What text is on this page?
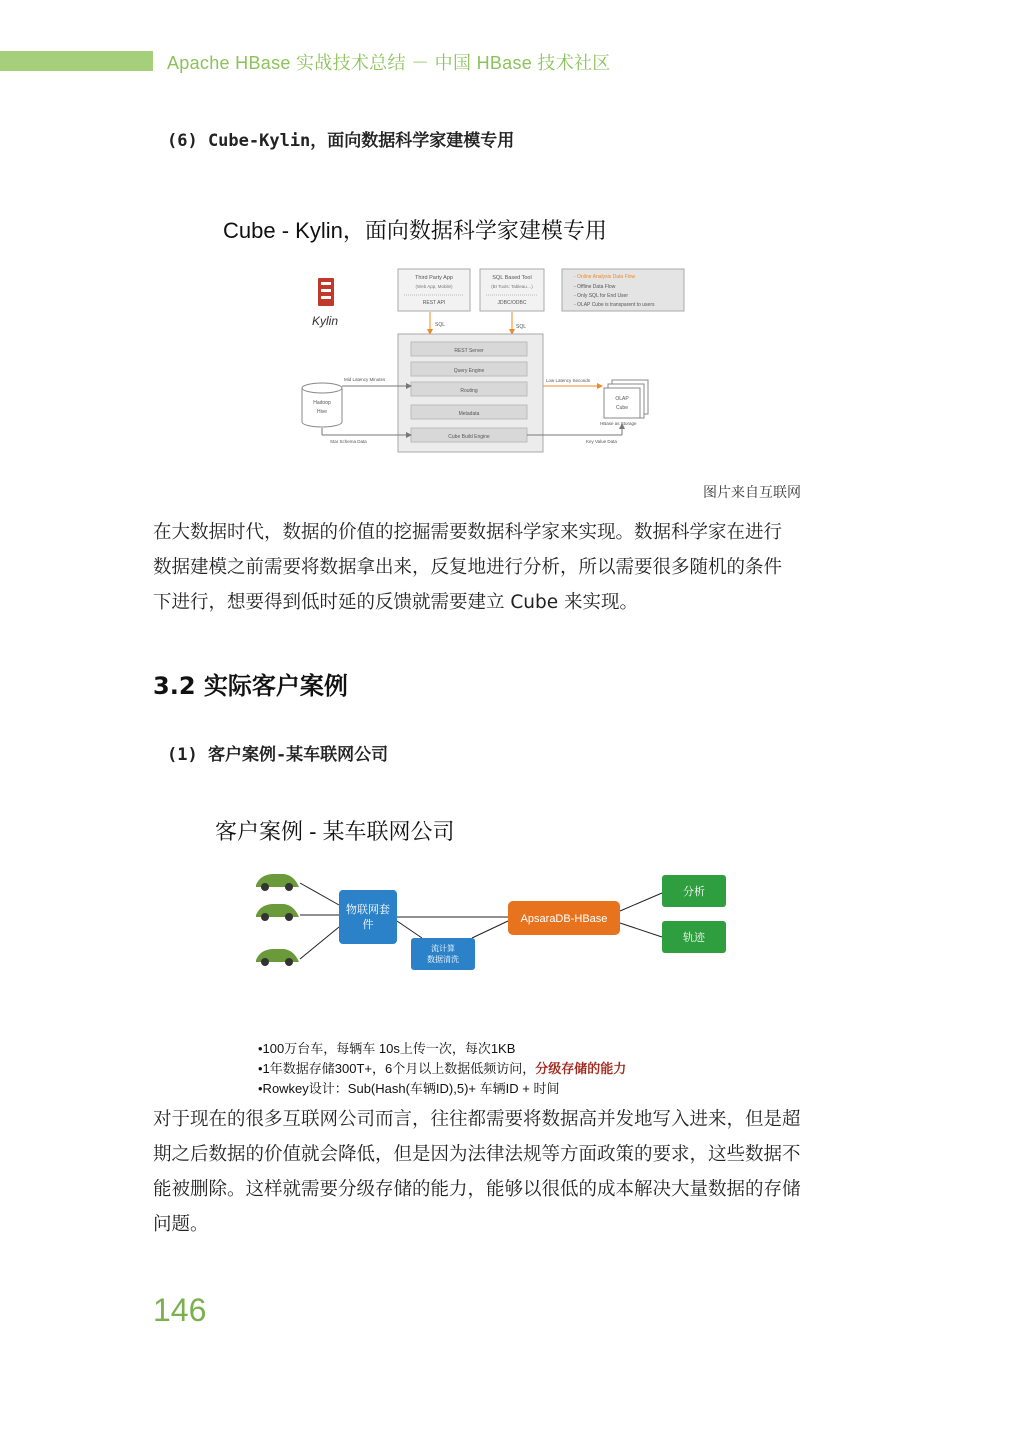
Apache HBase 实战技术总结 － 中国 HBase 技术社区
(6) Cube-Kylin，面向数据科学家建模专用
Cube - Kylin，面向数据科学家建模专用
Kylin
Third Party App
(Web App, Mobile)
REST API
SQL Based Tool
(BI Tools: Tableau…)
JDBC/ODBC
- Online Analysis Data Flow
- Offline Data Flow
- Only SQL for End User
- OLAP Cube is transparent to users
SQL	SQL
REST Server
Query Engine
Routing
Metadata
Cube Build Engine
Hadoop
Hive
Mid Latency Minutes
Star Schema Data
OLAP
Cube
HBase as Storage
Low Latency Seconds
Key Value Data
图片来自互联网
在大数据时代，数据的价值的挖掘需要数据科学家来实现。数据科学家在进行
数据建模之前需要将数据拿出来，反复地进行分析，所以需要很多随机的条件
下进行，想要得到低时延的反馈就需要建立 Cube 来实现。
3.2 实际客户案例
(1) 客户案例-某车联网公司
客户案例 - 某车联网公司
物联网套
件
流计算
数据清洗
ApsaraDB-HBase
分析
轨迹
•100万台车，每辆车 10s上传一次，每次1KB
•1年数据存储300T+，6个月以上数据低频访问，分级存储的能力
•Rowkey设计：Sub(Hash(车辆ID),5)+ 车辆ID + 时间
对于现在的很多互联网公司而言，往往都需要将数据高并发地写入进来，但是超
期之后数据的价值就会降低，但是因为法律法规等方面政策的要求，这些数据不
能被删除。这样就需要分级存储的能力，能够以很低的成本解决大量数据的存储
问题。
146
